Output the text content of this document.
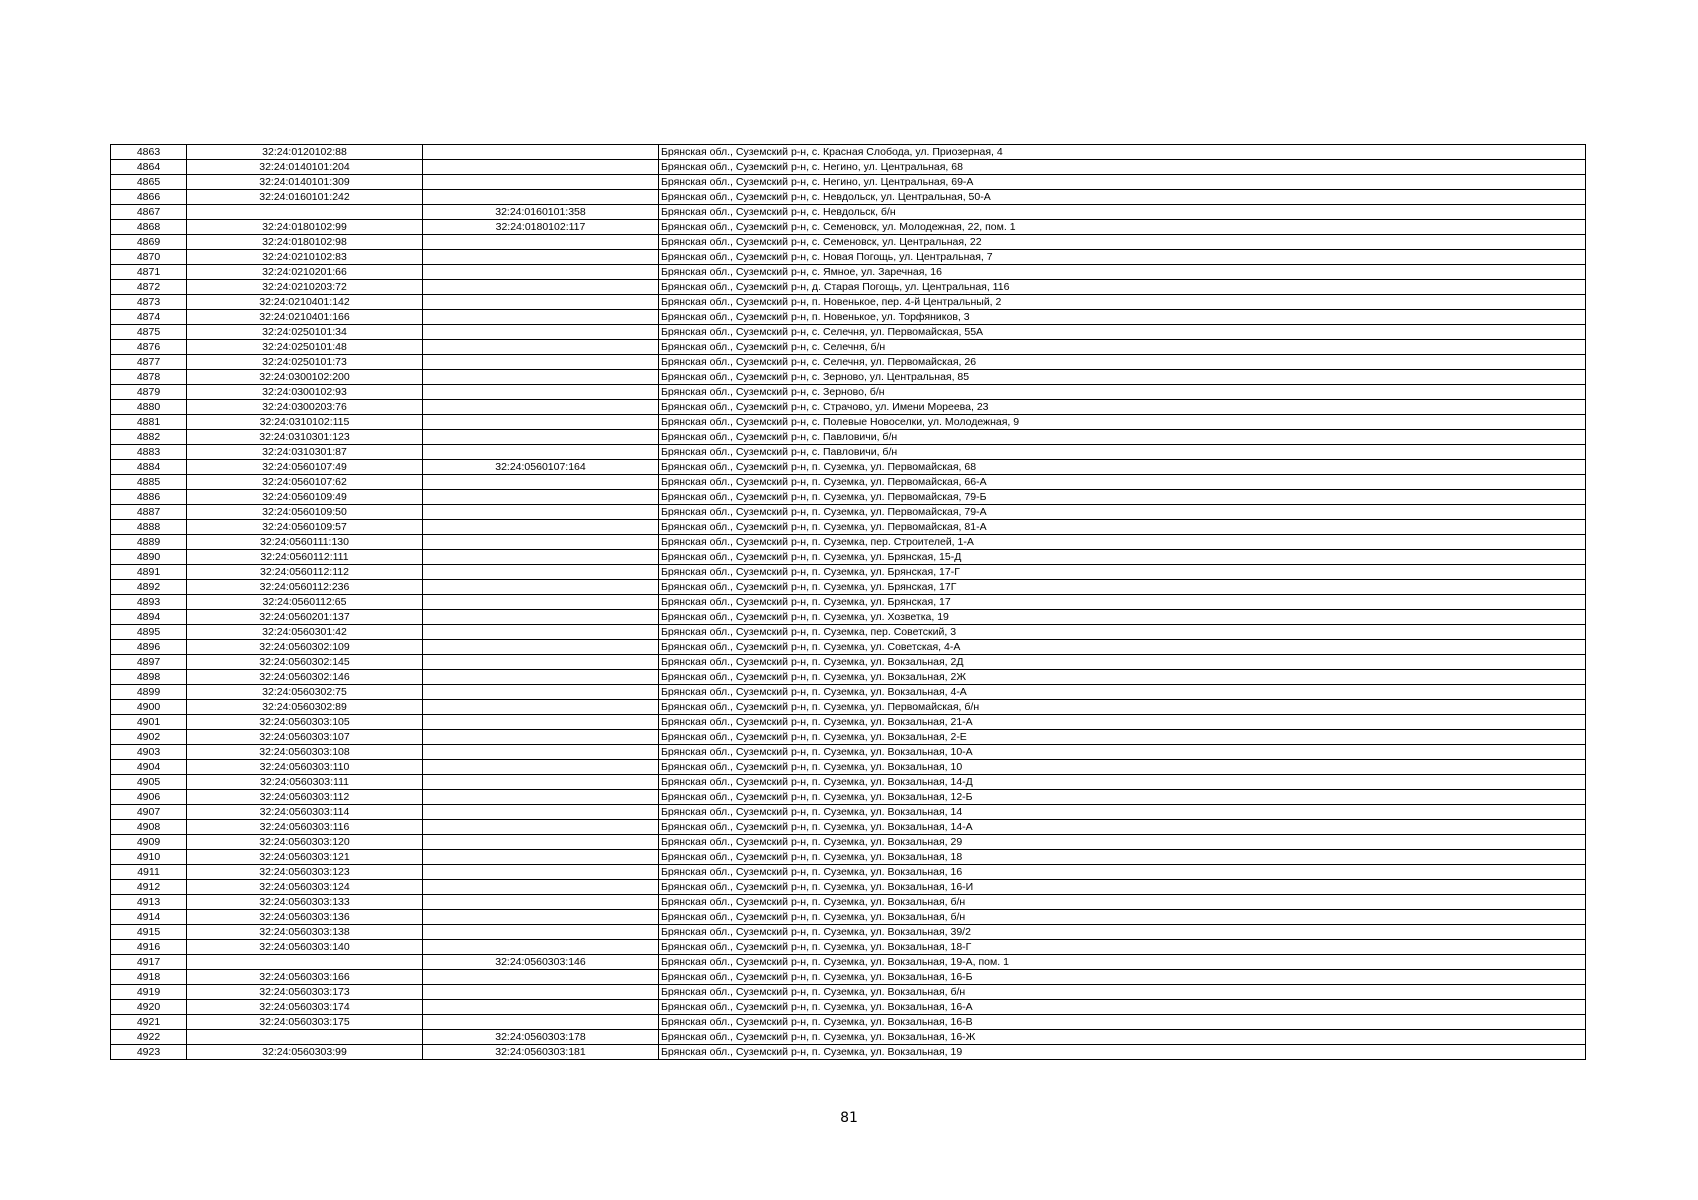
4863	32:24:0120102:88		Брянская обл., Суземский р-н, с. Красная Слобода, ул. Приозерная, 4
4864	32:24:0140101:204		Брянская обл., Суземский р-н, с. Негино, ул. Центральная, 68
4865	32:24:0140101:309		Брянская обл., Суземский р-н, с. Негино, ул. Центральная, 69-А
4866	32:24:0160101:242		Брянская обл., Суземский р-н, с. Невдольск, ул. Центральная, 50-А
4867		32:24:0160101:358	Брянская обл., Суземский р-н, с. Невдольск, б/н
4868	32:24:0180102:99	32:24:0180102:117	Брянская обл., Суземский р-н, с. Семеновск, ул. Молодежная, 22, пом. 1
4869	32:24:0180102:98		Брянская обл., Суземский р-н, с. Семеновск, ул. Центральная, 22
4870	32:24:0210102:83		Брянская обл., Суземский р-н, с. Новая Погощь, ул. Центральная, 7
4871	32:24:0210201:66		Брянская обл., Суземский р-н, с. Ямное, ул. Заречная, 16
4872	32:24:0210203:72		Брянская обл., Суземский р-н, д. Старая Погощь, ул. Центральная, 116
4873	32:24:0210401:142		Брянская обл., Суземский р-н, п. Новенькое, пер. 4-й Центральный, 2
4874	32:24:0210401:166		Брянская обл., Суземский р-н, п. Новенькое, ул. Торфяников, 3
4875	32:24:0250101:34		Брянская обл., Суземский р-н, с. Селечня, ул. Первомайская, 55А
4876	32:24:0250101:48		Брянская обл., Суземский р-н, с. Селечня, б/н
4877	32:24:0250101:73		Брянская обл., Суземский р-н, с. Селечня, ул. Первомайская, 26
4878	32:24:0300102:200		Брянская обл., Суземский р-н, с. Зерново, ул. Центральная, 85
4879	32:24:0300102:93		Брянская обл., Суземский р-н, с. Зерново, б/н
4880	32:24:0300203:76		Брянская обл., Суземский р-н, с. Страчово, ул. Имени Мореева, 23
4881	32:24:0310102:115		Брянская обл., Суземский р-н, с. Полевые Новоселки, ул. Молодежная, 9
4882	32:24:0310301:123		Брянская обл., Суземский р-н, с. Павловичи, б/н
4883	32:24:0310301:87		Брянская обл., Суземский р-н, с. Павловичи, б/н
4884	32:24:0560107:49	32:24:0560107:164	Брянская обл., Суземский р-н, п. Суземка, ул. Первомайская, 68
4885	32:24:0560107:62		Брянская обл., Суземский р-н, п. Суземка, ул. Первомайская, 66-А
4886	32:24:0560109:49		Брянская обл., Суземский р-н, п. Суземка, ул. Первомайская, 79-Б
4887	32:24:0560109:50		Брянская обл., Суземский р-н, п. Суземка, ул. Первомайская, 79-А
4888	32:24:0560109:57		Брянская обл., Суземский р-н, п. Суземка, ул. Первомайская, 81-А
4889	32:24:0560111:130		Брянская обл., Суземский р-н, п. Суземка, пер. Строителей, 1-А
4890	32:24:0560112:111		Брянская обл., Суземский р-н, п. Суземка, ул. Брянская, 15-Д
4891	32:24:0560112:112		Брянская обл., Суземский р-н, п. Суземка, ул. Брянская, 17-Г
4892	32:24:0560112:236		Брянская обл., Суземский р-н, п. Суземка, ул. Брянская, 17Г
4893	32:24:0560112:65		Брянская обл., Суземский р-н, п. Суземка, ул. Брянская, 17
4894	32:24:0560201:137		Брянская обл., Суземский р-н, п. Суземка, ул. Хозветка, 19
4895	32:24:0560301:42		Брянская обл., Суземский р-н, п. Суземка, пер. Советский, 3
4896	32:24:0560302:109		Брянская обл., Суземский р-н, п. Суземка, ул. Советская, 4-А
4897	32:24:0560302:145		Брянская обл., Суземский р-н, п. Суземка, ул. Вокзальная, 2Д
4898	32:24:0560302:146		Брянская обл., Суземский р-н, п. Суземка, ул. Вокзальная, 2Ж
4899	32:24:0560302:75		Брянская обл., Суземский р-н, п. Суземка, ул. Вокзальная, 4-А
4900	32:24:0560302:89		Брянская обл., Суземский р-н, п. Суземка, ул. Первомайская, б/н
4901	32:24:0560303:105		Брянская обл., Суземский р-н, п. Суземка, ул. Вокзальная, 21-А
4902	32:24:0560303:107		Брянская обл., Суземский р-н, п. Суземка, ул. Вокзальная, 2-Е
4903	32:24:0560303:108		Брянская обл., Суземский р-н, п. Суземка, ул. Вокзальная, 10-А
4904	32:24:0560303:110		Брянская обл., Суземский р-н, п. Суземка, ул. Вокзальная, 10
4905	32:24:0560303:111		Брянская обл., Суземский р-н, п. Суземка, ул. Вокзальная, 14-Д
4906	32:24:0560303:112		Брянская обл., Суземский р-н, п. Суземка, ул. Вокзальная, 12-Б
4907	32:24:0560303:114		Брянская обл., Суземский р-н, п. Суземка, ул. Вокзальная, 14
4908	32:24:0560303:116		Брянская обл., Суземский р-н, п. Суземка, ул. Вокзальная, 14-А
4909	32:24:0560303:120		Брянская обл., Суземский р-н, п. Суземка, ул. Вокзальная, 29
4910	32:24:0560303:121		Брянская обл., Суземский р-н, п. Суземка, ул. Вокзальная, 18
4911	32:24:0560303:123		Брянская обл., Суземский р-н, п. Суземка, ул. Вокзальная, 16
4912	32:24:0560303:124		Брянская обл., Суземский р-н, п. Суземка, ул. Вокзальная, 16-И
4913	32:24:0560303:133		Брянская обл., Суземский р-н, п. Суземка, ул. Вокзальная, б/н
4914	32:24:0560303:136		Брянская обл., Суземский р-н, п. Суземка, ул. Вокзальная, б/н
4915	32:24:0560303:138		Брянская обл., Суземский р-н, п. Суземка, ул. Вокзальная, 39/2
4916	32:24:0560303:140		Брянская обл., Суземский р-н, п. Суземка, ул. Вокзальная, 18-Г
4917		32:24:0560303:146	Брянская обл., Суземский р-н, п. Суземка, ул. Вокзальная, 19-А, пом. 1
4918	32:24:0560303:166		Брянская обл., Суземский р-н, п. Суземка, ул. Вокзальная, 16-Б
4919	32:24:0560303:173		Брянская обл., Суземский р-н, п. Суземка, ул. Вокзальная, б/н
4920	32:24:0560303:174		Брянская обл., Суземский р-н, п. Суземка, ул. Вокзальная, 16-А
4921	32:24:0560303:175		Брянская обл., Суземский р-н, п. Суземка, ул. Вокзальная, 16-В
4922		32:24:0560303:178	Брянская обл., Суземский р-н, п. Суземка, ул. Вокзальная, 16-Ж
4923	32:24:0560303:99	32:24:0560303:181	Брянская обл., Суземский р-н, п. Суземка, ул. Вокзальная, 19
81
